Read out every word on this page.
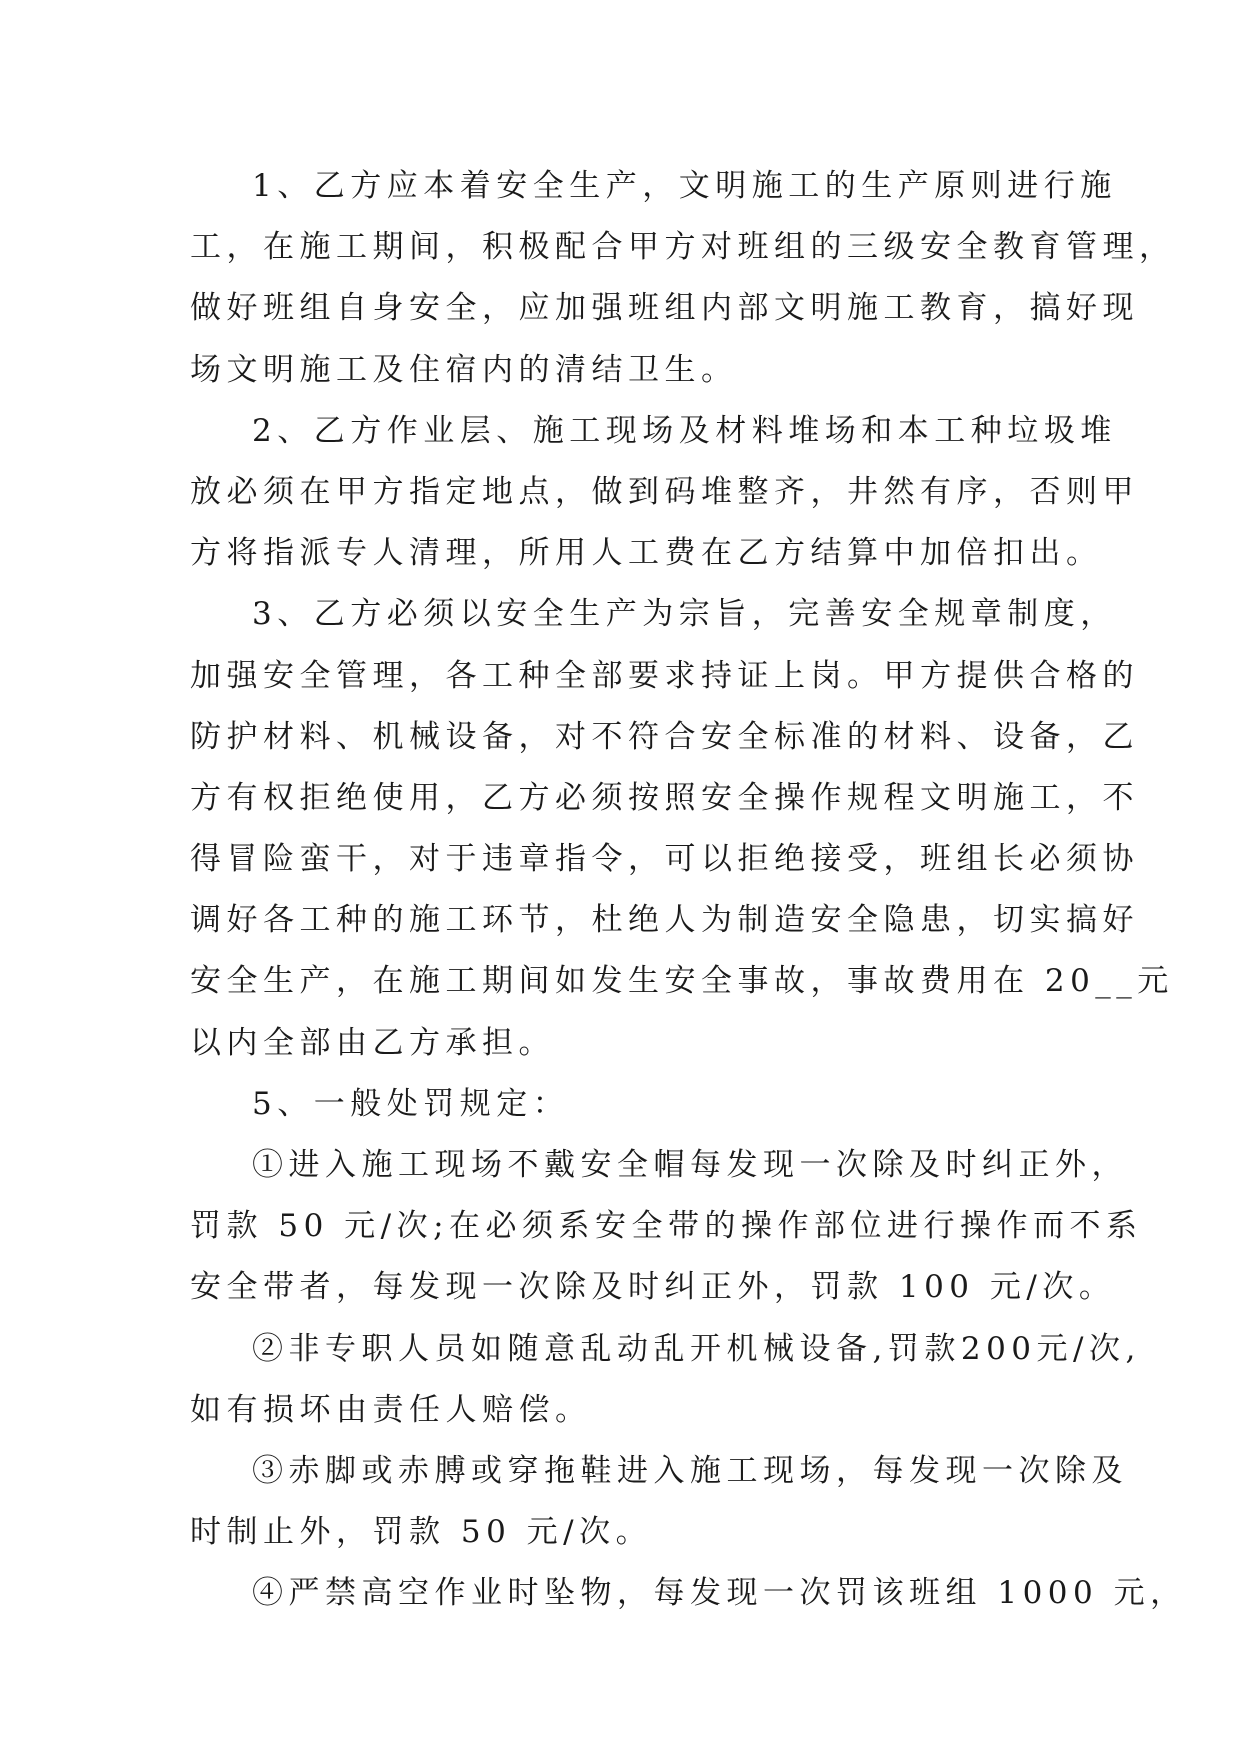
1、乙方应本着安全生产，文明施工的生产原则进行施
工，在施工期间，积极配合甲方对班组的三级安全教育管理，
做好班组自身安全，应加强班组内部文明施工教育，搞好现
场文明施工及住宿内的清结卫生。
2、乙方作业层、施工现场及材料堆场和本工种垃圾堆
放必须在甲方指定地点，做到码堆整齐，井然有序，否则甲
方将指派专人清理，所用人工费在乙方结算中加倍扣出。
3、乙方必须以安全生产为宗旨，完善安全规章制度，
加强安全管理，各工种全部要求持证上岗。甲方提供合格的
防护材料、机械设备，对不符合安全标准的材料、设备，乙
方有权拒绝使用，乙方必须按照安全操作规程文明施工，不
得冒险蛮干，对于违章指令，可以拒绝接受，班组长必须协
调好各工种的施工环节，杜绝人为制造安全隐患，切实搞好
安全生产，在施工期间如发生安全事故，事故费用在 20__元
以内全部由乙方承担。
5、一般处罚规定：
①进入施工现场不戴安全帽每发现一次除及时纠正外，
罚款 50 元/次;在必须系安全带的操作部位进行操作而不系
安全带者，每发现一次除及时纠正外，罚款 100 元/次。
②非专职人员如随意乱动乱开机械设备,罚款200元/次,
如有损坏由责任人赔偿。
③赤脚或赤膊或穿拖鞋进入施工现场，每发现一次除及
时制止外，罚款 50 元/次。
④严禁高空作业时坠物，每发现一次罚该班组 1000 元，
